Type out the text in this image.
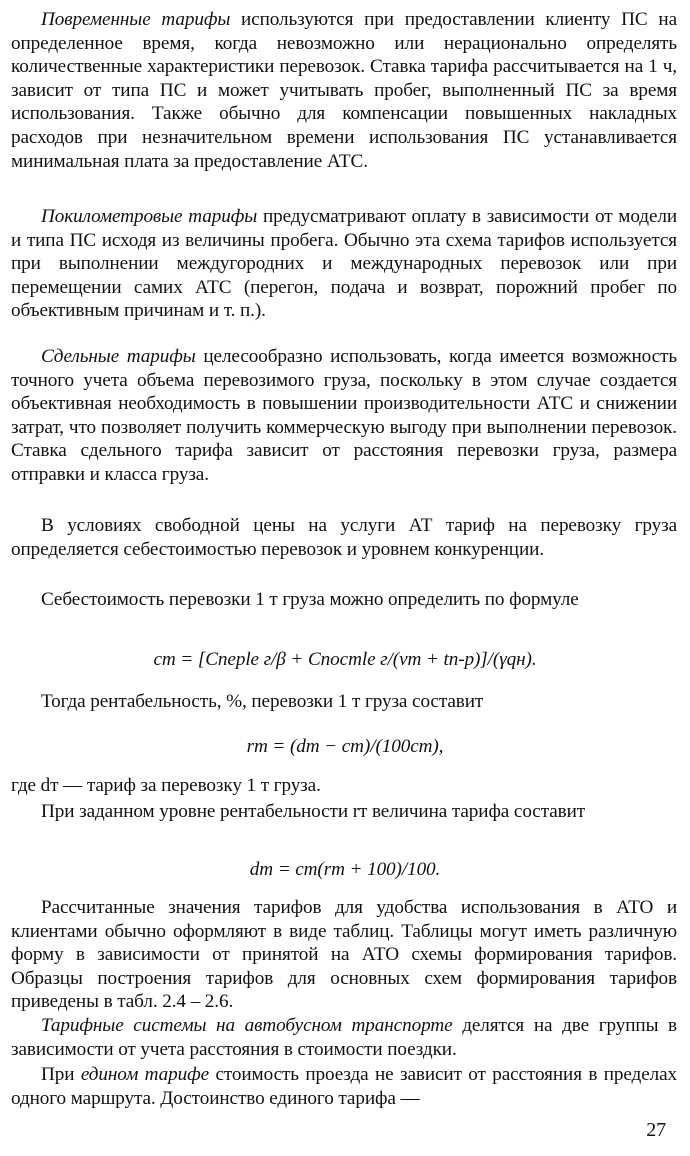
Повременные тарифы используются при предоставлении клиенту ПС на определенное время, когда невозможно или нерационально определять количественные характеристики перевозок. Ставка тарифа рассчитывается на 1 ч, зависит от типа ПС и может учитывать пробег, выполненный ПС за время использования. Также обычно для компенсации повышенных накладных расходов при незначительном времени использования ПС устанавливается минимальная плата за предоставление АТС.

Покилометровые тарифы предусматривают оплату в зависимости от модели и типа ПС исходя из величины пробега. Обычно эта схема тарифов используется при выполнении междугородних и международных перевозок или при перемещении самих АТС (перегон, подача и возврат, порожний пробег по объективным причинам и т. п.).

Сдельные тарифы целесообразно использовать, когда имеется возможность точного учета объема перевозимого груза, поскольку в этом случае создается объективная необходимость в повышении производительности АТС и снижении затрат, что позволяет получить коммерческую выгоду при выполнении перевозок. Ставка сдельного тарифа зависит от расстояния перевозки груза, размера отправки и класса груза.

В условиях свободной цены на услуги АТ тариф на перевозку груза определяется себестоимостью перевозок и уровнем конкуренции.

Себестоимость перевозки 1 т груза можно определить по формуле

cт = [Cперlе г/β + Cпостlе г/(vт + tп-р)]/(γqн).

Тогда рентабельность, %, перевозки 1 т груза составит

rт = (dт − cт)/(100cт),

где dт — тариф за перевозку 1 т груза.

При заданном уровне рентабельности rт величина тарифа составит

dт = cт(rт + 100)/100.

Рассчитанные значения тарифов для удобства использования в АТО и клиентами обычно оформляют в виде таблиц. Таблицы могут иметь различную форму в зависимости от принятой на АТО схемы формирования тарифов. Образцы построения тарифов для основных схем формирования тарифов приведены в табл. 2.4 – 2.6.

Тарифные системы на автобусном транспорте делятся на две группы в зависимости от учета расстояния в стоимости поездки.

При едином тарифе стоимость проезда не зависит от расстояния в пределах одного маршрута. Достоинство единого тарифа —

27
